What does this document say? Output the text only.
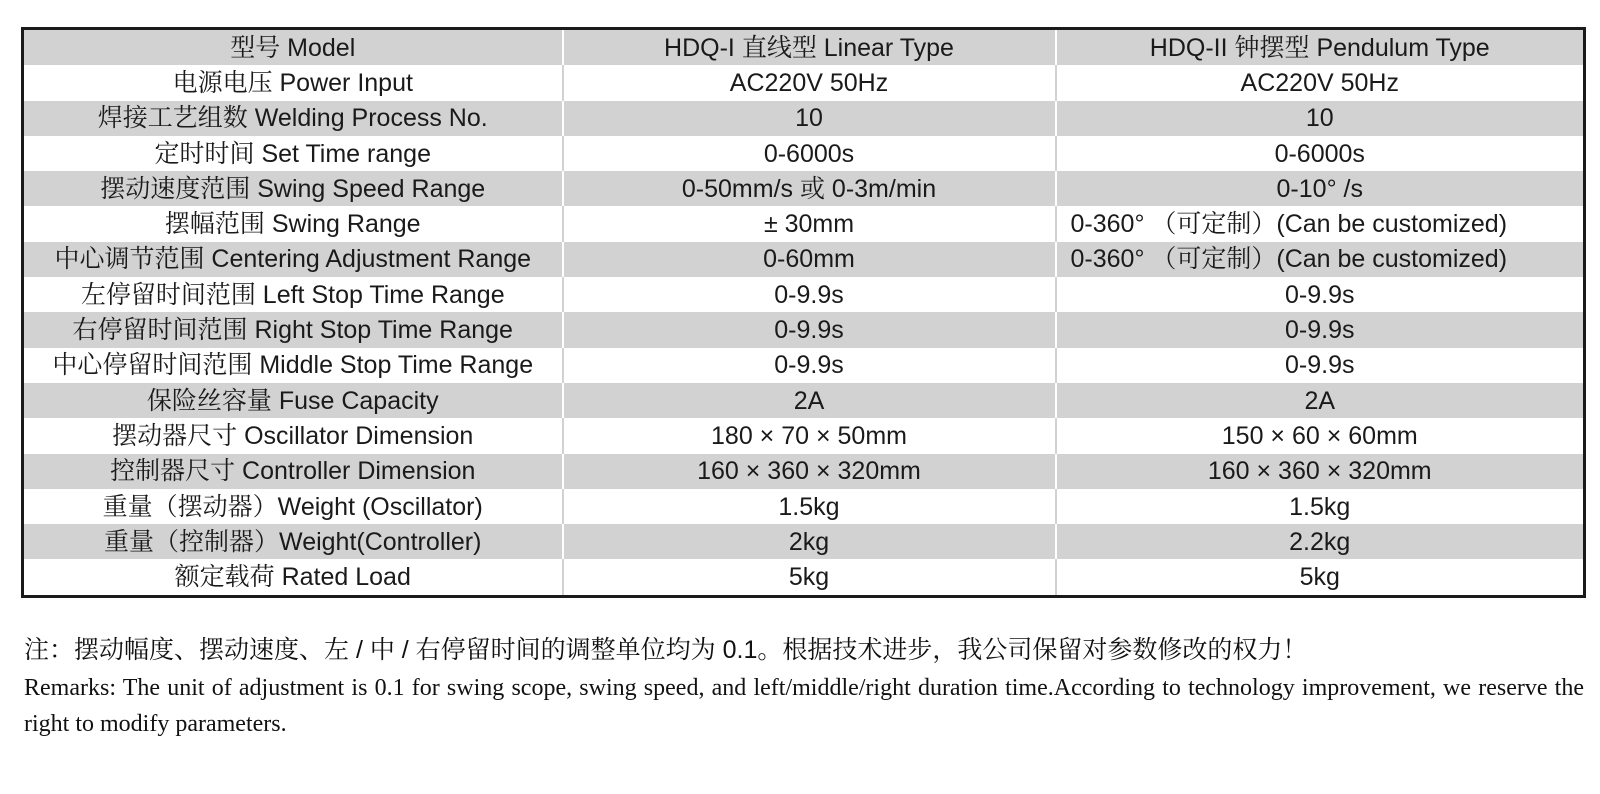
型号 Model	HDQ-I 直线型 Linear Type	HDQ-II 钟摆型 Pendulum Type
电源电压 Power Input	AC220V 50Hz	AC220V 50Hz
焊接工艺组数 Welding Process No.	10	10
定时时间 Set Time range	0-6000s	0-6000s
摆动速度范围 Swing Speed Range	0-50mm/s 或 0-3m/min	0-10° /s
摆幅范围 Swing Range	± 30mm	0-360° （可定制）(Can be customized)
中心调节范围 Centering Adjustment Range	0-60mm	0-360° （可定制）(Can be customized)
左停留时间范围 Left Stop Time Range	0-9.9s	0-9.9s
右停留时间范围 Right Stop Time Range	0-9.9s	0-9.9s
中心停留时间范围 Middle Stop Time Range	0-9.9s	0-9.9s
保险丝容量 Fuse Capacity	2A	2A
摆动器尺寸 Oscillator Dimension	180 × 70 × 50mm	150 × 60 × 60mm
控制器尺寸 Controller Dimension	160 × 360 × 320mm	160 × 360 × 320mm
重量（摆动器）Weight (Oscillator)	1.5kg	1.5kg
重量（控制器）Weight(Controller)	2kg	2.2kg
额定载荷 Rated Load	5kg	5kg
注：摆动幅度、摆动速度、左 / 中 / 右停留时间的调整单位均为 0.1。根据技术进步，我公司保留对参数修改的权力！
Remarks: The unit of adjustment is 0.1 for swing scope, swing speed, and left/middle/right duration time.According to technology improvement, we reserve the right to modify parameters.
